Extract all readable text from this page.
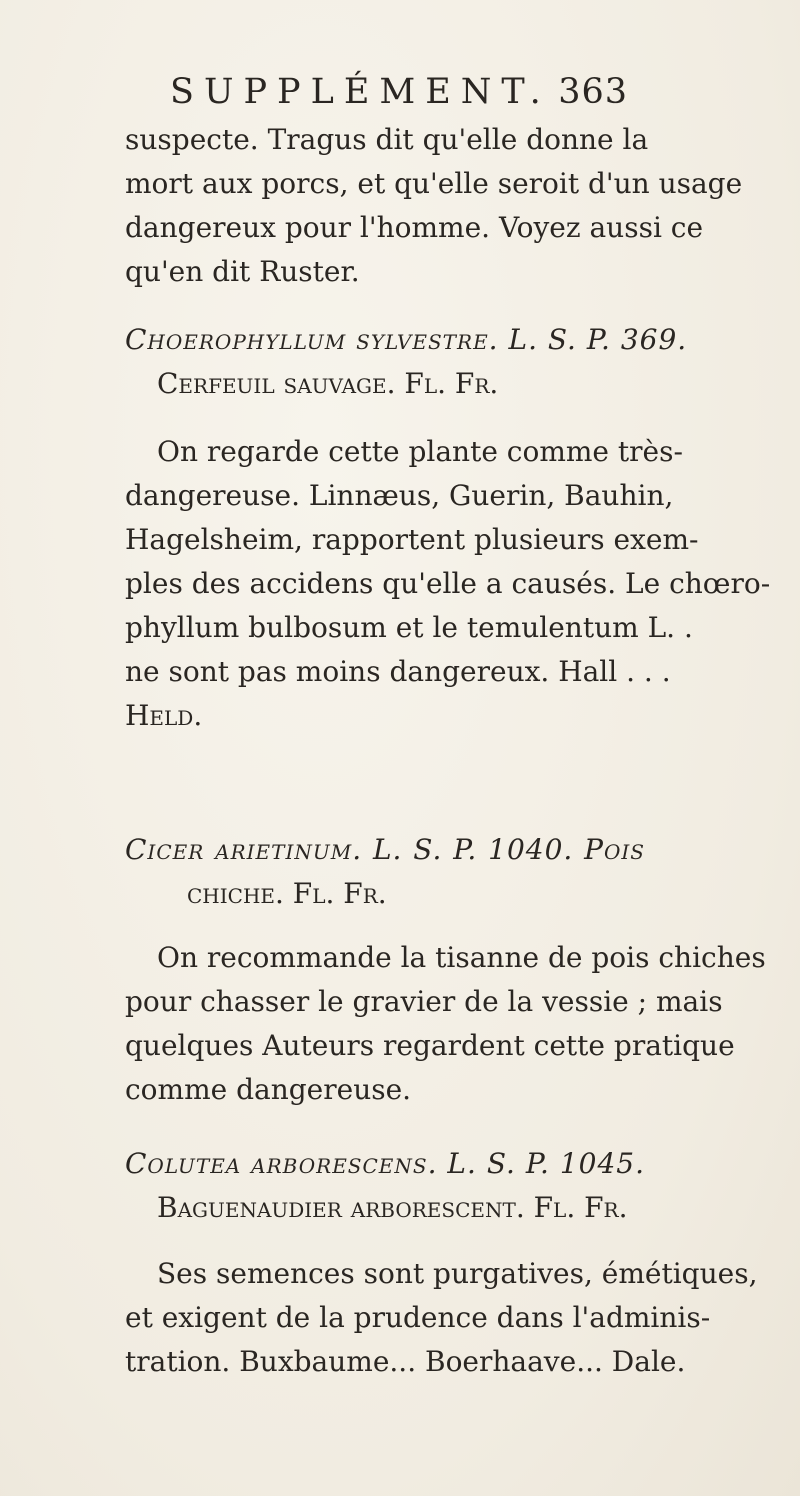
SUPPLÉMENT. 363
suspecte. Tragus dit qu'elle donne la
mort aux porcs, et qu'elle seroit d'un usage
dangereux pour l'homme. Voyez aussi ce
qu'en dit Ruster.
Choerophyllum sylvestre. L. S. P. 369.
Cerfeuil sauvage. Fl. Fr.
On regarde cette plante comme très-
dangereuse. Linnæus, Guerin, Bauhin,
Hagelsheim, rapportent plusieurs exem-
ples des accidens qu'elle a causés. Le chœro-
phyllum bulbosum et le temulentum L. .
ne sont pas moins dangereux. Hall . . .
Held.
Cicer arietinum. L. S. P. 1040. Pois
chiche. Fl. Fr.
On recommande la tisanne de pois chiches
pour chasser le gravier de la vessie ; mais
quelques Auteurs regardent cette pratique
comme dangereuse.
Colutea arborescens. L. S. P. 1045.
Baguenaudier arborescent. Fl. Fr.
Ses semences sont purgatives, émétiques,
et exigent de la prudence dans l'adminis-
tration. Buxbaume... Boerhaave... Dale.
